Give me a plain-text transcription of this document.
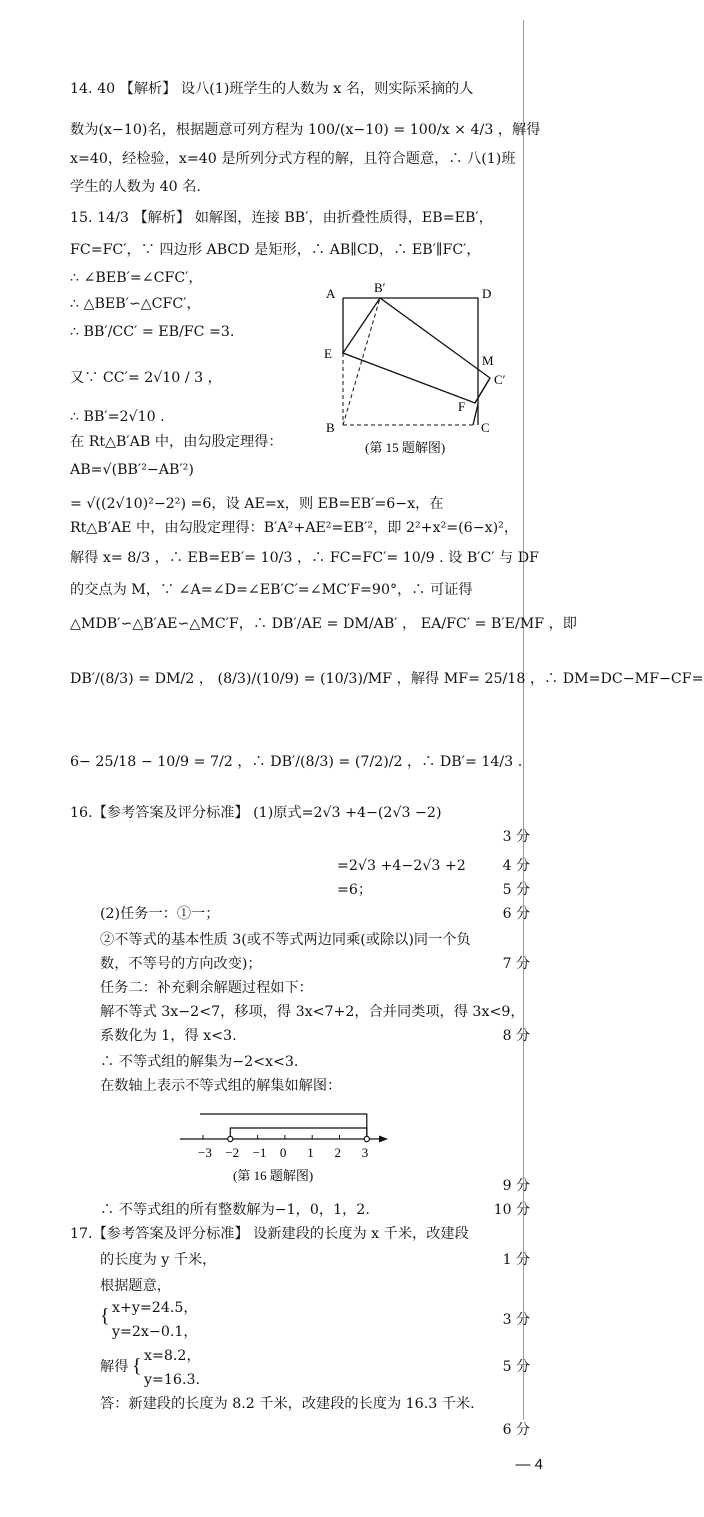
14. 40 【解析】 设八(1)班学生的人数为 x 名，则实际采摘的人
数为(x−10)名，根据题意可列方程为 100/(x−10) = 100/x × 4/3 ，解得
x=40，经检验，x=40 是所列分式方程的解，且符合题意，∴ 八(1)班
学生的人数为 40 名.
15. 14/3 【解析】 如解图，连接 BB′，由折叠性质得，EB=EB′，
FC=FC′，∵ 四边形 ABCD 是矩形，∴ AB∥CD，∴ EB′∥FC′，
∴ ∠BEB′=∠CFC′，
∴ △BEB′∽△CFC′，
∴ BB′/CC′ = EB/FC =3.
又∵ CC′= 2√10 / 3 ，
∴ BB′=2√10 .
在 Rt△B′AB 中，由勾股定理得：
AB=√(BB′²−AB′²)
A	B′	D
E	M
C′
F
B	C
(第 15 题解图)
= √((2√10)²−2²) =6，设 AE=x，则 EB=EB′=6−x，在
Rt△B′AE 中，由勾股定理得：B′A²+AE²=EB′²，即 2²+x²=(6−x)²，
解得 x= 8/3 ，∴ EB=EB′= 10/3 ，∴ FC=FC′= 10/9 . 设 B′C′ 与 DF
的交点为 M，∵ ∠A=∠D=∠EB′C′=∠MC′F=90°，∴ 可证得
△MDB′∽△B′AE∽△MC′F，∴ DB′/AE = DM/AB′ ， EA/FC′ = B′E/MF ，即
DB′/(8/3) = DM/2 ， (8/3)/(10/9) = (10/3)/MF ，解得 MF= 25/18 ，∴ DM=DC−MF−CF=
6− 25/18 − 10/9 = 7/2 ，∴ DB′/(8/3) = (7/2)/2 ，∴ DB′= 14/3 .
16.【参考答案及评分标准】 (1)原式=2√3 +4−(2√3 −2)
3 分
=2√3 +4−2√3 +2	4 分
=6；	5 分
(2)任务一：①一；	6 分
②不等式的基本性质 3(或不等式两边同乘(或除以)同一个负
数，不等号的方向改变)；	7 分
任务二：补充剩余解题过程如下：
解不等式 3x−2<7，移项，得 3x<7+2，合并同类项，得 3x<9，
系数化为 1，得 x<3.	8 分
∴ 不等式组的解集为−2<x<3.
在数轴上表示不等式组的解集如解图：
−3 −2 −1 0 1 2 3
(第 16 题解图)
9 分
∴ 不等式组的所有整数解为−1，0，1，2.	10 分
17.【参考答案及评分标准】 设新建段的长度为 x 千米，改建段
的长度为 y 千米，	1 分
根据题意，
{ x+y=24.5，
y=2x−0.1，
3 分
解得 { x=8.2，
y=16.3.
5 分
答：新建段的长度为 8.2 千米，改建段的长度为 16.3 千米.
6 分
— 4
